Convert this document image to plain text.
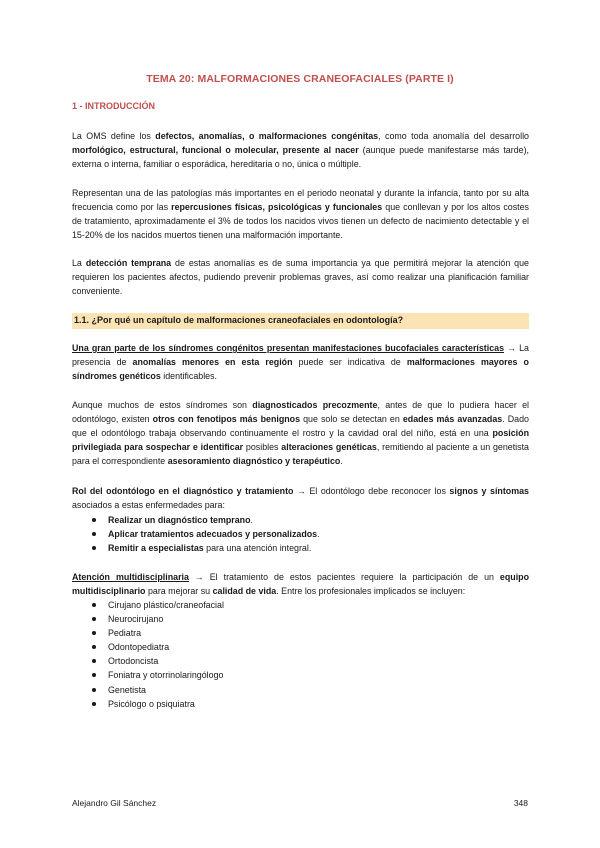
TEMA 20: MALFORMACIONES CRANEOFACIALES (PARTE I)
1 - INTRODUCCIÓN
La OMS define los defectos, anomalías, o malformaciones congénitas, como toda anomalía del desarrollo morfológico, estructural, funcional o molecular, presente al nacer (aunque puede manifestarse más tarde), externa o interna, familiar o esporádica, hereditaria o no, única o múltiple.
Representan una de las patologías más importantes en el periodo neonatal y durante la infancia, tanto por su alta frecuencia como por las repercusiones físicas, psicológicas y funcionales que conllevan y por los altos costes de tratamiento, aproximadamente el 3% de todos los nacidos vivos tienen un defecto de nacimiento detectable y el 15-20% de los nacidos muertos tienen una malformación importante.
La detección temprana de estas anomalías es de suma importancia ya que permitirá mejorar la atención que requieren los pacientes afectos, pudiendo prevenir problemas graves, así como realizar una planificación familiar conveniente.
1.1. ¿Por qué un capítulo de malformaciones craneofaciales en odontología?
Una gran parte de los síndromes congénitos presentan manifestaciones bucofaciales características → La presencia de anomalías menores en esta región puede ser indicativa de malformaciones mayores o síndromes genéticos identificables.
Aunque muchos de estos síndromes son diagnosticados precozmente, antes de que lo pudiera hacer el odontólogo, existen otros con fenotipos más benignos que solo se detectan en edades más avanzadas. Dado que el odontólogo trabaja observando continuamente el rostro y la cavidad oral del niño, está en una posición privilegiada para sospechar e identificar posibles alteraciones genéticas, remitiendo al paciente a un genetista para el correspondiente asesoramiento diagnóstico y terapéutico.
Rol del odontólogo en el diagnóstico y tratamiento → El odontólogo debe reconocer los signos y síntomas asociados a estas enfermedades para:
Realizar un diagnóstico temprano.
Aplicar tratamientos adecuados y personalizados.
Remitir a especialistas para una atención integral.
Atención multidisciplinaria → El tratamiento de estos pacientes requiere la participación de un equipo multidisciplinario para mejorar su calidad de vida. Entre los profesionales implicados se incluyen:
Cirujano plástico/craneofacial
Neurocirujano
Pediatra
Odontopediatra
Ortodoncista
Foniatra y otorrinolaringólogo
Genetista
Psicólogo o psiquiatra
Alejandro Gil Sánchez	348
